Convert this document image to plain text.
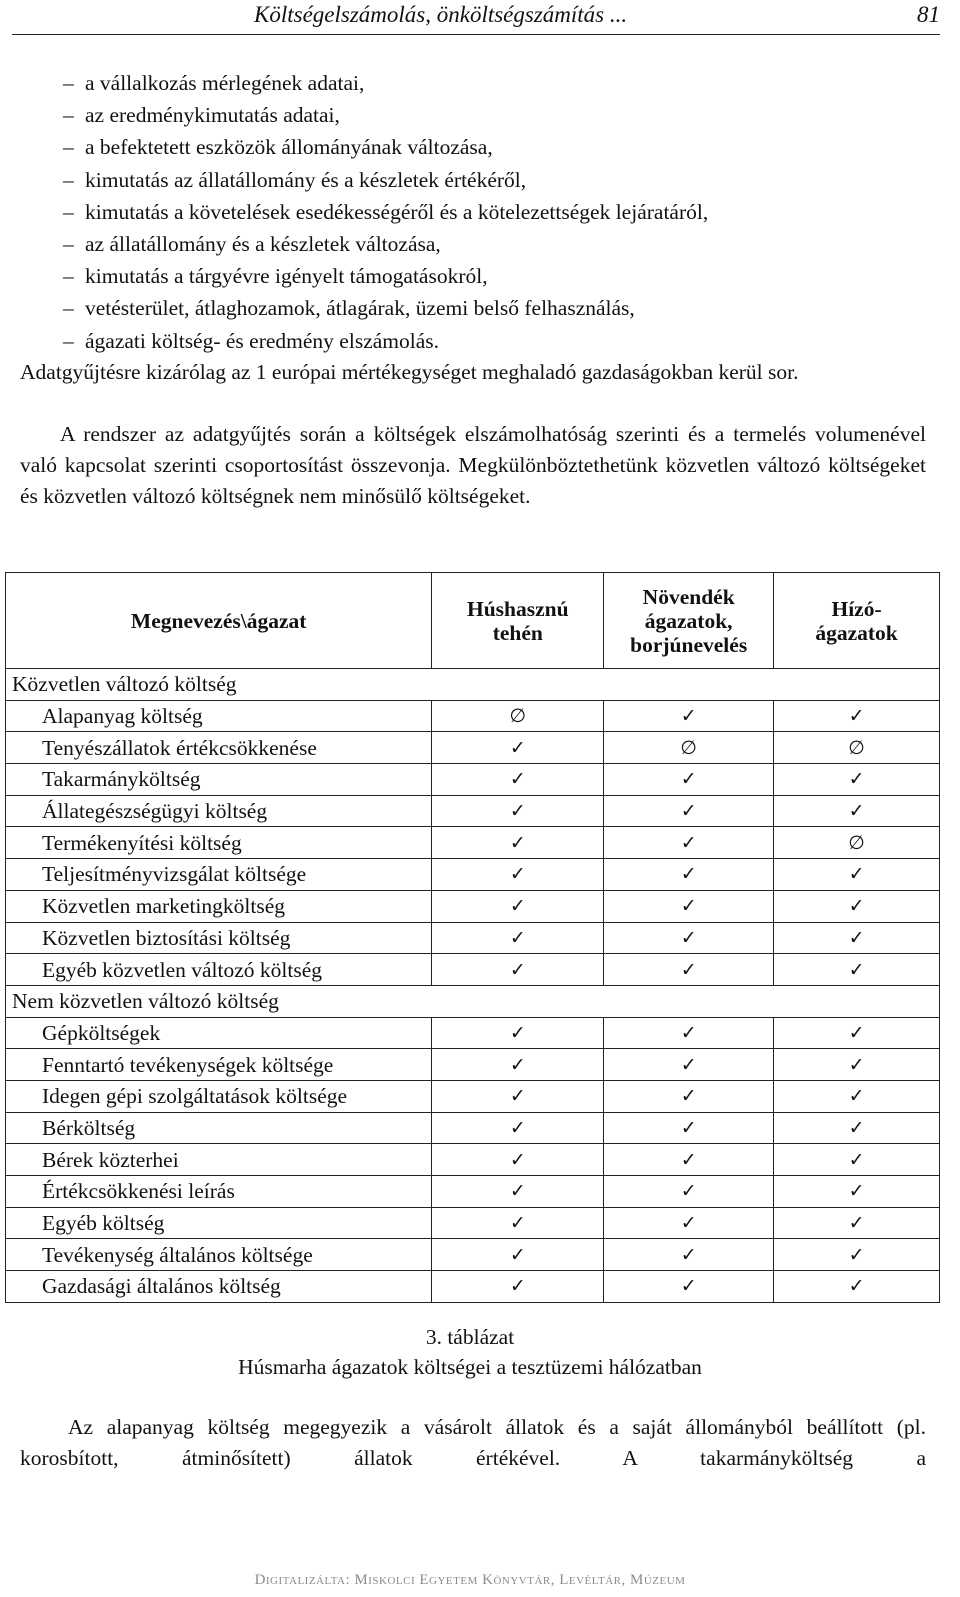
Költségelszámolás, önköltségszámítás ...	81
– a vállalkozás mérlegének adatai,
– az eredménykimutatás adatai,
– a befektetett eszközök állományának változása,
– kimutatás az állatállomány és a készletek értékéről,
– kimutatás a követelések esedékességéről és a kötelezettségek lejáratáról,
– az állatállomány és a készletek változása,
– kimutatás a tárgyévre igényelt támogatásokról,
– vetésterület, átlaghozamok, átlagárak, üzemi belső felhasználás,
– ágazati költség- és eredmény elszámolás.

Adatgyűjtésre kizárólag az 1 európai mértékegységet meghaladó gazdaságokban kerül sor.

A rendszer az adatgyűjtés során a költségek elszámolhatóság szerinti és a termelés volumenével való kapcsolat szerinti csoportosítást összevonja. Megkülönböztethetünk közvetlen változó költségeket és közvetlen változó költségnek nem minősülő költségeket.

Megnevezés\ágazat	Húshasznú tehén	Növendék ágazatok, borjúnevelés	Hízó-ágazatok
Közvetlen változó költség			
Alapanyag költség	∅	✓	✓
Tenyészállatok értékcsökkenése	✓	∅	∅
Takarmányköltség	✓	✓	✓
Állategészségügyi költség	✓	✓	✓
Termékenyítési költség	✓	✓	∅
Teljesítményvizsgálat költsége	✓	✓	✓
Közvetlen marketingköltség	✓	✓	✓
Közvetlen biztosítási költség	✓	✓	✓
Egyéb közvetlen változó költség	✓	✓	✓
Nem közvetlen változó költség			
Gépköltségek	✓	✓	✓
Fenntartó tevékenységek költsége	✓	✓	✓
Idegen gépi szolgáltatások költsége	✓	✓	✓
Bérköltség	✓	✓	✓
Bérek közterhei	✓	✓	✓
Értékcsökkenési leírás	✓	✓	✓
Egyéb költség	✓	✓	✓
Tevékenység általános költsége	✓	✓	✓
Gazdasági általános költség	✓	✓	✓
3. táblázat
Húsmarha ágazatok költségei a tesztüzemi hálózatban

Az alapanyag költség megegyezik a vásárolt állatok és a saját állományból beállított (pl. korosbított, átminősített) állatok értékével. A takarmányköltség a

Digitalizálta: Miskolci Egyetem Könyvtár, Levéltár, Múzeum
